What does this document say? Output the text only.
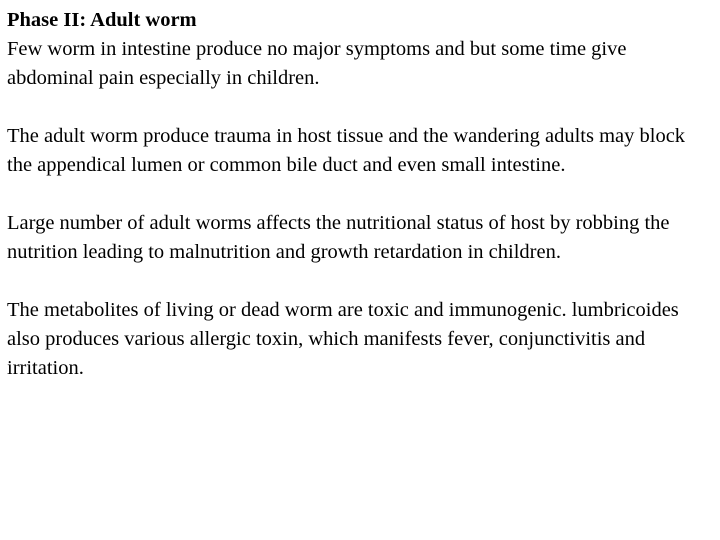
Phase II: Adult worm

Few worm in intestine produce no major symptoms and but some time give abdominal pain especially in children.

The adult worm produce trauma in host tissue and the wandering adults may block the appendical lumen or common bile duct and even small intestine.

Large number of adult worms affects the nutritional status of host by robbing the nutrition leading to malnutrition and growth retardation in children.

The metabolites of living or dead worm are toxic and immunogenic. lumbricoides also produces various allergic toxin, which manifests fever, conjunctivitis and irritation.
